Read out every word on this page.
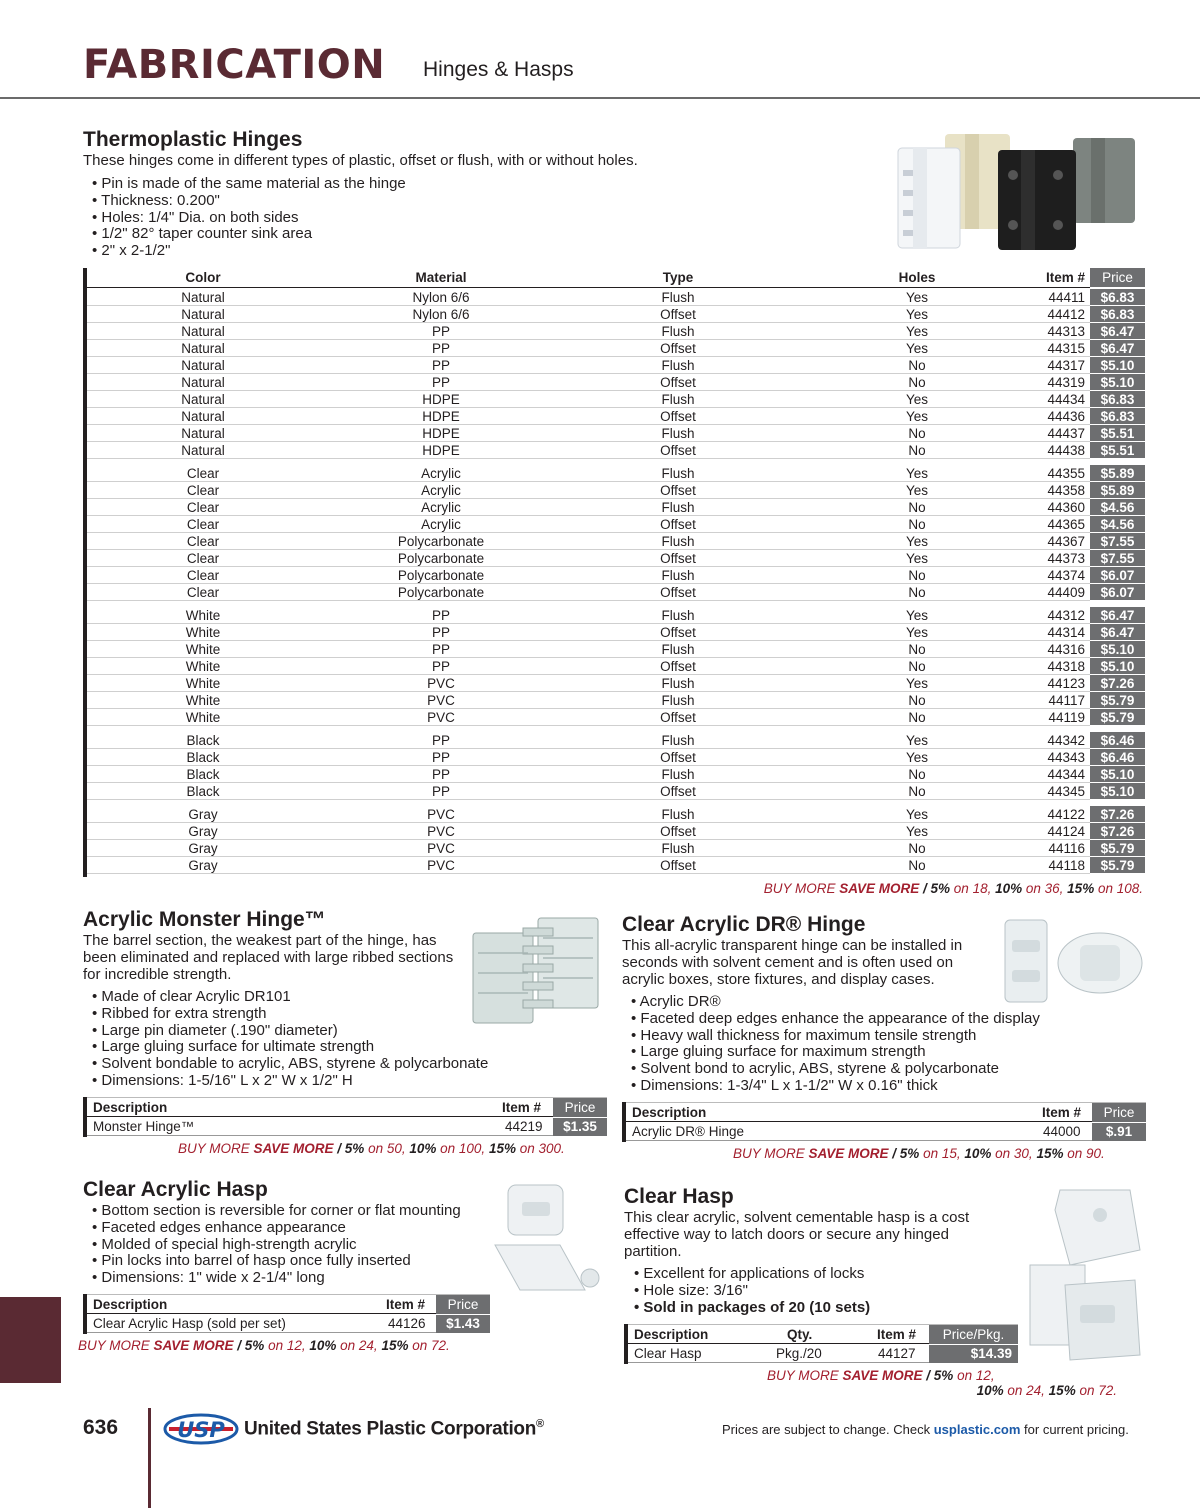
FABRICATION Hinges & Hasps
Thermoplastic Hinges
These hinges come in different types of plastic, offset or flush, with or without holes.
• Pin is made of the same material as the hinge
• Thickness: 0.200"
• Holes: 1/4" Dia. on both sides
• 1/2" 82° taper counter sink area
• 2" x 2-1/2"
Color	Material	Type	Holes	Item #	Price
Natural	Nylon 6/6	Flush	Yes	44411	$6.83
Natural	Nylon 6/6	Offset	Yes	44412	$6.83
Natural	PP	Flush	Yes	44313	$6.47
Natural	PP	Offset	Yes	44315	$6.47
Natural	PP	Flush	No	44317	$5.10
Natural	PP	Offset	No	44319	$5.10
Natural	HDPE	Flush	Yes	44434	$6.83
Natural	HDPE	Offset	Yes	44436	$6.83
Natural	HDPE	Flush	No	44437	$5.51
Natural	HDPE	Offset	No	44438	$5.51
Clear	Acrylic	Flush	Yes	44355	$5.89
Clear	Acrylic	Offset	Yes	44358	$5.89
Clear	Acrylic	Flush	No	44360	$4.56
Clear	Acrylic	Offset	No	44365	$4.56
Clear	Polycarbonate	Flush	Yes	44367	$7.55
Clear	Polycarbonate	Offset	Yes	44373	$7.55
Clear	Polycarbonate	Flush	No	44374	$6.07
Clear	Polycarbonate	Offset	No	44409	$6.07
White	PP	Flush	Yes	44312	$6.47
White	PP	Offset	Yes	44314	$6.47
White	PP	Flush	No	44316	$5.10
White	PP	Offset	No	44318	$5.10
White	PVC	Flush	Yes	44123	$7.26
White	PVC	Flush	No	44117	$5.79
White	PVC	Offset	No	44119	$5.79
Black	PP	Flush	Yes	44342	$6.46
Black	PP	Offset	Yes	44343	$6.46
Black	PP	Flush	No	44344	$5.10
Black	PP	Offset	No	44345	$5.10
Gray	PVC	Flush	Yes	44122	$7.26
Gray	PVC	Offset	Yes	44124	$7.26
Gray	PVC	Flush	No	44116	$5.79
Gray	PVC	Offset	No	44118	$5.79
BUY MORE SAVE MORE / 5% on 18, 10% on 36, 15% on 108.
Acrylic Monster Hinge™
The barrel section, the weakest part of the hinge, has been eliminated and replaced with large ribbed sections for incredible strength.
• Made of clear Acrylic DR101
• Ribbed for extra strength
• Large pin diameter (.190" diameter)
• Large gluing surface for ultimate strength
• Solvent bondable to acrylic, ABS, styrene & polycarbonate
• Dimensions: 1-5/16" L x 2" W x 1/2" H
Description	Item #	Price
Monster Hinge™	44219	$1.35
BUY MORE SAVE MORE / 5% on 50, 10% on 100, 15% on 300.
Clear Acrylic DR® Hinge
This all-acrylic transparent hinge can be installed in seconds with solvent cement and is often used on acrylic boxes, store fixtures, and display cases.
• Acrylic DR®
• Faceted deep edges enhance the appearance of the display
• Heavy wall thickness for maximum tensile strength
• Large gluing surface for maximum strength
• Solvent bond to acrylic, ABS, styrene & polycarbonate
• Dimensions: 1-3/4" L x 1-1/2" W x 0.16" thick
Description	Item #	Price
Acrylic DR® Hinge	44000	$.91
BUY MORE SAVE MORE / 5% on 15, 10% on 30, 15% on 90.
Clear Acrylic Hasp
• Bottom section is reversible for corner or flat mounting
• Faceted edges enhance appearance
• Molded of special high-strength acrylic
• Pin locks into barrel of hasp once fully inserted
• Dimensions: 1" wide x 2-1/4" long
Description	Item #	Price
Clear Acrylic Hasp (sold per set)	44126	$1.43
BUY MORE SAVE MORE / 5% on 12, 10% on 24, 15% on 72.
Clear Hasp
This clear acrylic, solvent cementable hasp is a cost effective way to latch doors or secure any hinged partition.
• Excellent for applications of locks
• Hole size: 3/16"
• Sold in packages of 20 (10 sets)
Description	Qty.	Item #	Price/Pkg.
Clear Hasp	Pkg./20	44127	$14.39
BUY MORE SAVE MORE / 5% on 12,
10% on 24, 15% on 72.
636	USP United States Plastic Corporation®	Prices are subject to change. Check usplastic.com for current pricing.
